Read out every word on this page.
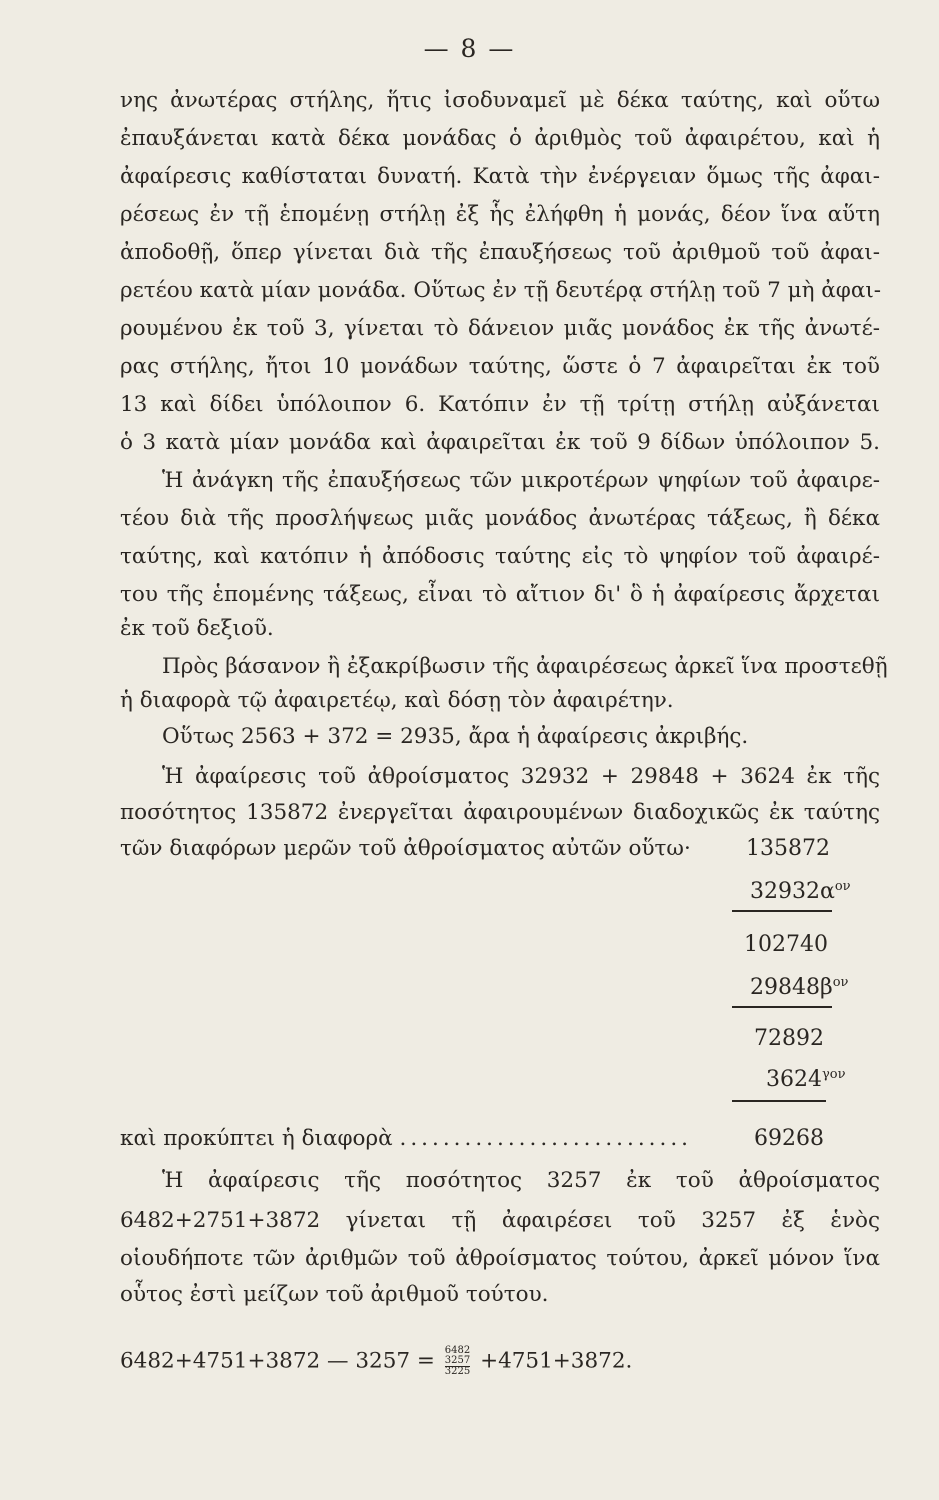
— 8 —
νης ἀνωτέρας στήλης, ἥτις ἰσοδυναμεῖ μὲ δέκα ταύτης, καὶ οὕτω
ἐπαυξάνεται κατὰ δέκα μονάδας ὁ ἀριθμὸς τοῦ ἀφαιρέτου, καὶ ἡ
ἀφαίρεσις καθίσταται δυνατή. Κατὰ τὴν ἐνέργειαν ὅμως τῆς ἀφαι-
ρέσεως ἐν τῇ ἑπομένῃ στήλῃ ἐξ ἧς ἐλήφθη ἡ μονάς, δέον ἵνα αὕτη
ἀποδοθῇ, ὅπερ γίνεται διὰ τῆς ἐπαυξήσεως τοῦ ἀριθμοῦ τοῦ ἀφαι-
ρετέου κατὰ μίαν μονάδα. Οὕτως ἐν τῇ δευτέρᾳ στήλῃ τοῦ 7 μὴ ἀφαι-
ρουμένου ἐκ τοῦ 3, γίνεται τὸ δάνειον μιᾶς μονάδος ἐκ τῆς ἀνωτέ-
ρας στήλης, ἤτοι 10 μονάδων ταύτης, ὥστε ὁ 7 ἀφαιρεῖται ἐκ τοῦ
13 καὶ δίδει ὑπόλοιπον 6. Κατόπιν ἐν τῇ τρίτῃ στήλῃ αὐξάνεται
ὁ 3 κατὰ μίαν μονάδα καὶ ἀφαιρεῖται ἐκ τοῦ 9 δίδων ὑπόλοιπον 5.
Ἡ ἀνάγκη τῆς ἐπαυξήσεως τῶν μικροτέρων ψηφίων τοῦ ἀφαιρε-
τέου διὰ τῆς προσλήψεως μιᾶς μονάδος ἀνωτέρας τάξεως, ἢ δέκα
ταύτης, καὶ κατόπιν ἡ ἀπόδοσις ταύτης εἰς τὸ ψηφίον τοῦ ἀφαιρέ-
του τῆς ἑπομένης τάξεως, εἶναι τὸ αἴτιον δι' ὃ ἡ ἀφαίρεσις ἄρχεται
ἐκ τοῦ δεξιοῦ.
Πρὸς βάσανον ἢ ἐξακρίβωσιν τῆς ἀφαιρέσεως ἀρκεῖ ἵνα προστεθῇ
ἡ διαφορὰ τῷ ἀφαιρετέῳ, καὶ δόσῃ τὸν ἀφαιρέτην.
Οὕτως 2563 + 372 = 2935, ἄρα ἡ ἀφαίρεσις ἀκριβής.
Ἡ ἀφαίρεσις τοῦ ἀθροίσματος 32932 + 29848 + 3624 ἐκ τῆς
ποσότητος 135872 ἐνεργεῖται ἀφαιρουμένων διαδοχικῶς ἐκ ταύτης
τῶν διαφόρων μερῶν τοῦ ἀθροίσματος αὐτῶν οὕτω·	135872
$32932\alpha^{o\nu}$
102740
$29848\beta^{o\nu}$
72892
$3624^{\gamma o\nu}$
καὶ προκύπτει ἡ διαφορὰ ...........................	69268
Ἡ ἀφαίρεσις τῆς ποσότητος 3257 ἐκ τοῦ ἀθροίσματος
6482+2751+3872 γίνεται τῇ ἀφαιρέσει τοῦ 3257 ἐξ ἑνὸς
οἱουδήποτε τῶν ἀριθμῶν τοῦ ἀθροίσματος τούτου, ἀρκεῖ μόνον ἵνα
οὗτος ἐστὶ μείζων τοῦ ἀριθμοῦ τούτου.
6482+4751+3872 — 3257 = 6482
3257
3225 +4751+3872.
